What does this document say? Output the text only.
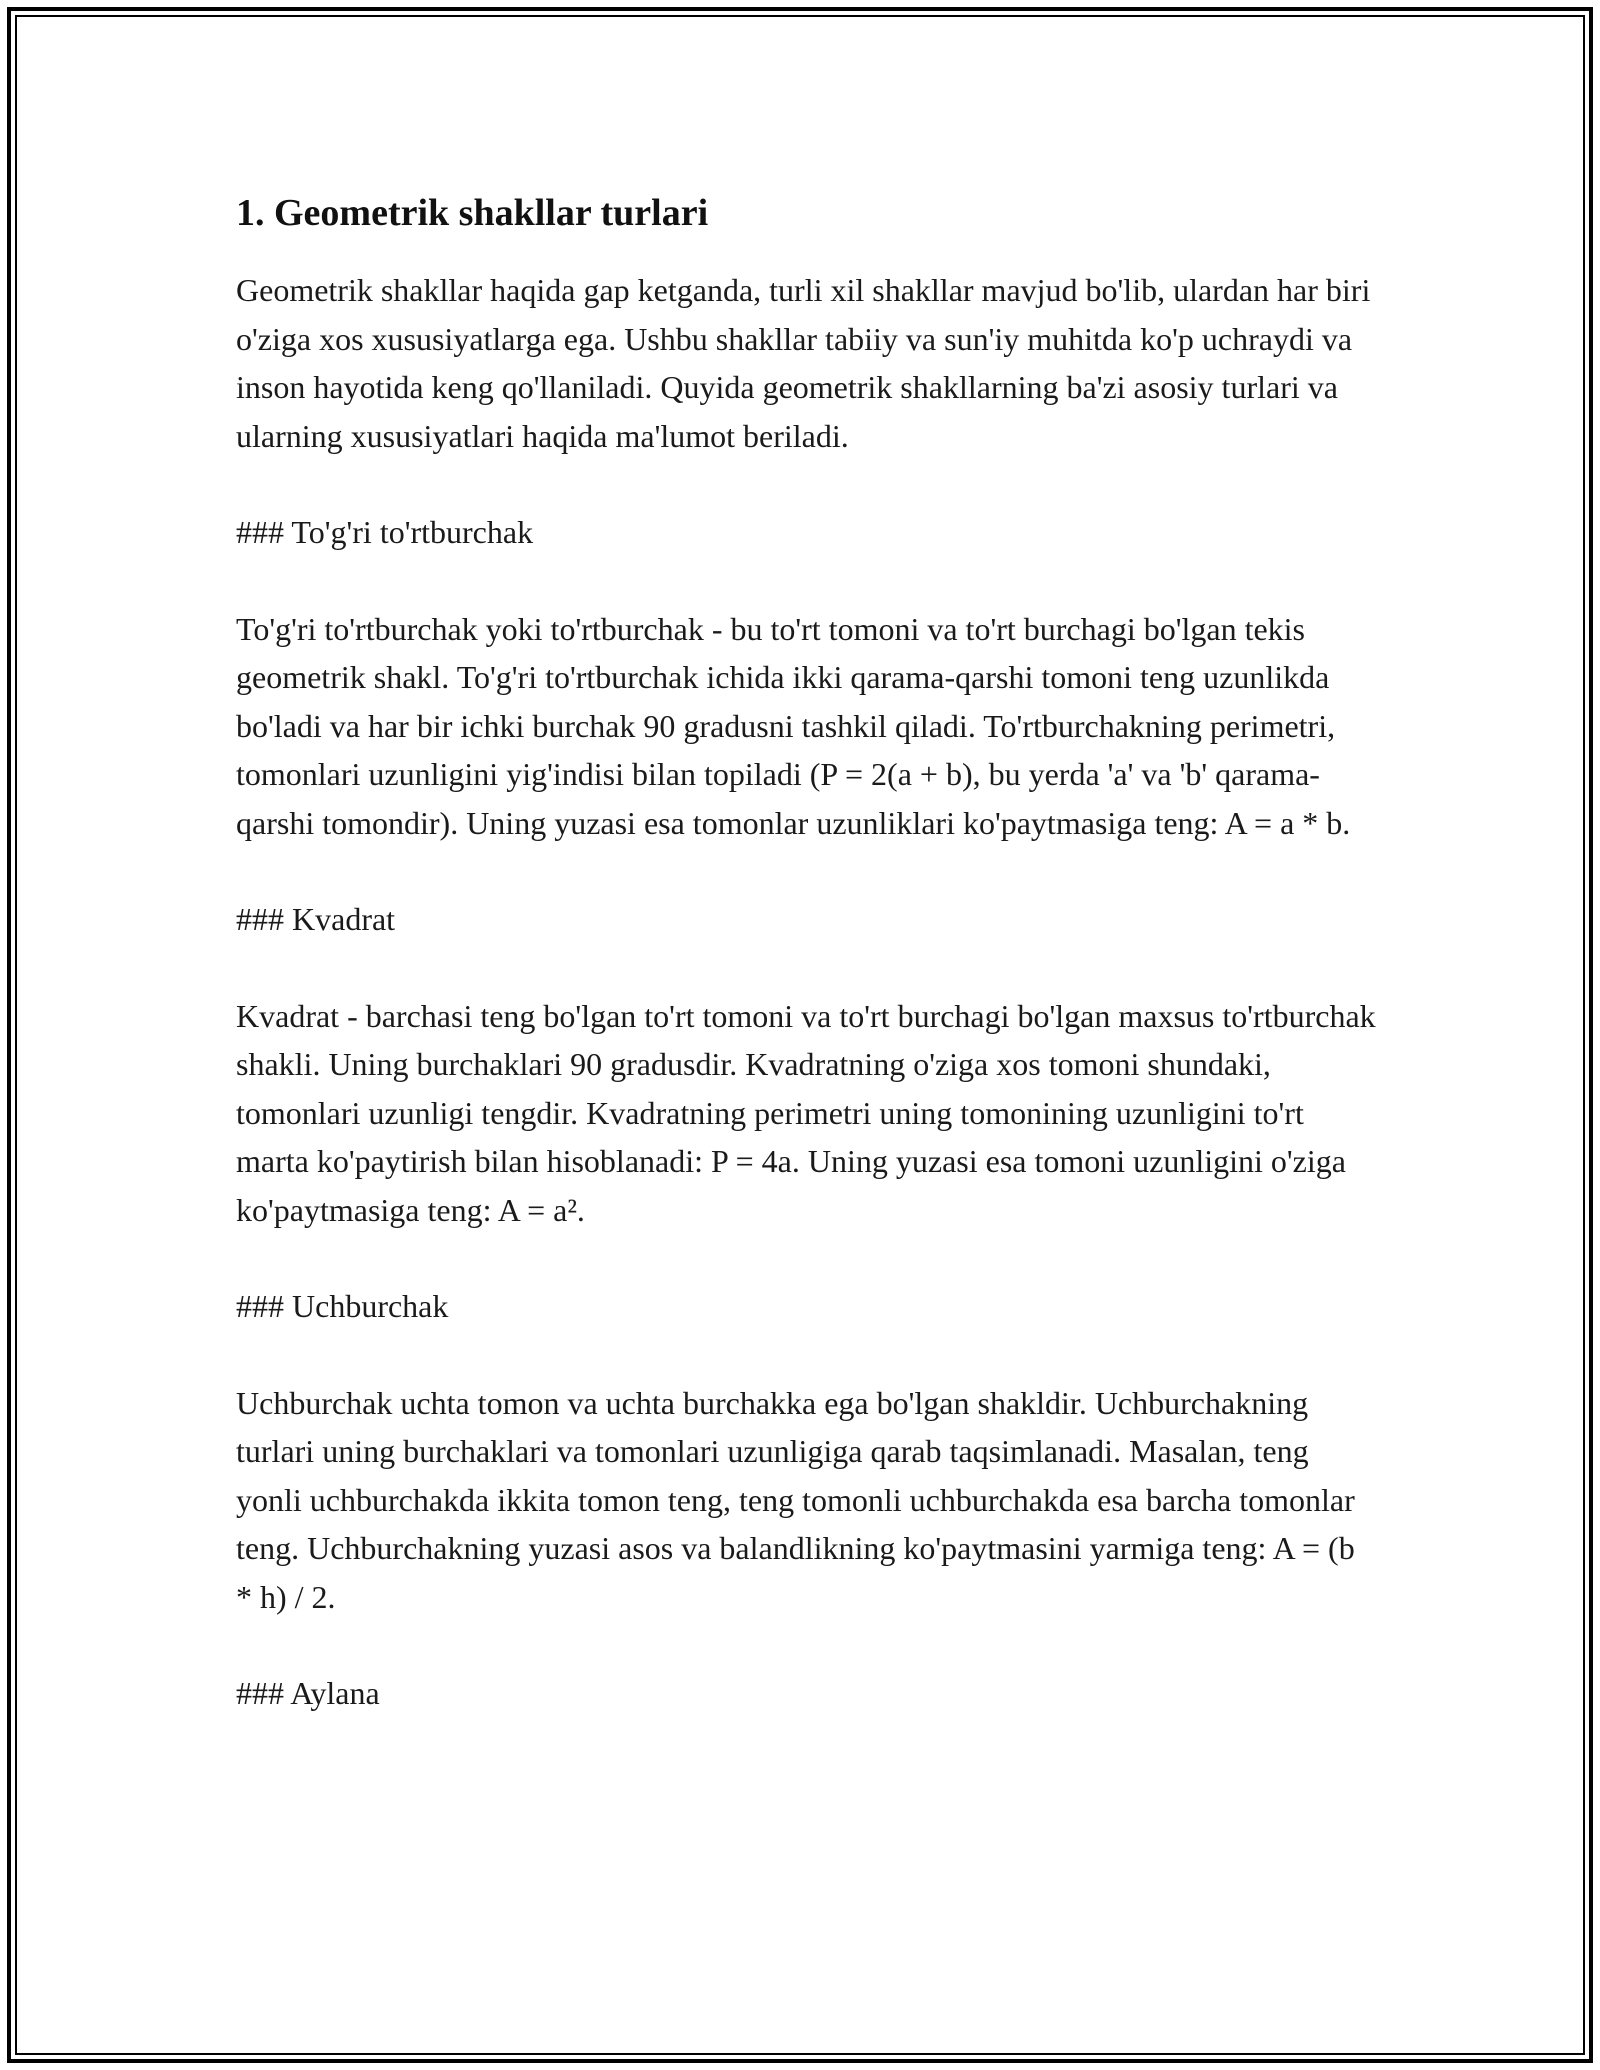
1. Geometrik shakllar turlari

Geometrik shakllar haqida gap ketganda, turli xil shakllar mavjud bo'lib, ulardan har biri o'ziga xos xususiyatlarga ega. Ushbu shakllar tabiiy va sun'iy muhitda ko'p uchraydi va inson hayotida keng qo'llaniladi. Quyida geometrik shakllarning ba'zi asosiy turlari va ularning xususiyatlari haqida ma'lumot beriladi.

### To'g'ri to'rtburchak

To'g'ri to'rtburchak yoki to'rtburchak - bu to'rt tomoni va to'rt burchagi bo'lgan tekis geometrik shakl. To'g'ri to'rtburchak ichida ikki qarama-qarshi tomoni teng uzunlikda bo'ladi va har bir ichki burchak 90 gradusni tashkil qiladi. To'rtburchakning perimetri, tomonlari uzunligini yig'indisi bilan topiladi (P = 2(a + b), bu yerda 'a' va 'b' qarama-qarshi tomondir). Uning yuzasi esa tomonlar uzunliklari ko'paytmasiga teng: A = a * b.

### Kvadrat

Kvadrat - barchasi teng bo'lgan to'rt tomoni va to'rt burchagi bo'lgan maxsus to'rtburchak shakli. Uning burchaklari 90 gradusdir. Kvadratning o'ziga xos tomoni shundaki, tomonlari uzunligi tengdir. Kvadratning perimetri uning tomonining uzunligini to'rt marta ko'paytirish bilan hisoblanadi: P = 4a. Uning yuzasi esa tomoni uzunligini o'ziga ko'paytmasiga teng: A = a².

### Uchburchak

Uchburchak uchta tomon va uchta burchakka ega bo'lgan shakldir. Uchburchakning turlari uning burchaklari va tomonlari uzunligiga qarab taqsimlanadi. Masalan, teng yonli uchburchakda ikkita tomon teng, teng tomonli uchburchakda esa barcha tomonlar teng. Uchburchakning yuzasi asos va balandlikning ko'paytmasini yarmiga teng: A = (b * h) / 2.

### Aylana
